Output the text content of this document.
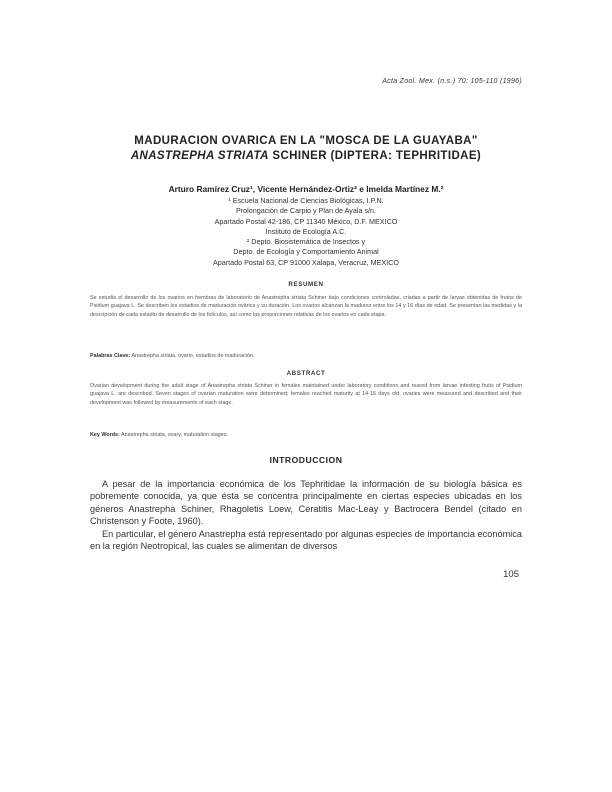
Acta Zool. Mex. (n.s.) 70: 105-110 (1996)
MADURACION OVARICA EN LA "MOSCA DE LA GUAYABA"
ANASTREPHA STRIATA SCHINER (DIPTERA: TEPHRITIDAE)
Arturo Ramírez Cruz¹, Vicente Hernández-Ortiz² e Imelda Martínez M.²
¹ Escuela Nacional de Ciencias Biológicas, I.P.N.
Prolongación de Carpio y Plan de Ayala s/n.
Apartado Postal 42-186, CP 11340 México, D.F. MEXICO
Instituto de Ecología A.C.
² Depto. Biosistemática de Insectos y
Depto. de Ecología y Comportamiento Animal
Apartado Postal 63, CP 91000 Xalapa, Veracruz, MEXICO
RESUMEN

Se estudia el desarrollo de los ovarios en hembras de laboratorio de Anastrepha striata Schiner bajo condiciones controladas, criadas a partir de larvas obtenidas de frutos de Psidium guajava L. Se describen los estadios de maduración ovárica y su duración. Los ovarios alcanzan la madurez entre los 14 y 16 días de edad. Se presentan las medidas y la descripción de cada estadio de desarrollo de los folículos, así como las proporciones relativas de los ovarios en cada etapa.

Palabras Clave: Anastrepha striata, ovario, estadios de maduración.
ABSTRACT

Ovarian development during the adult stage of Anastrepha striata Schiner in females maintained under laboratory conditions and reared from larvae infesting fruits of Psidium guajava L. are described. Seven stages of ovarian maturation were determined; females reached maturity at 14-16 days old, ovaries were measured and described and their development was followed by measurements of each stage.

Key Words: Anastrepha striata, ovary, maturation stages.
INTRODUCCION

A pesar de la importancia económica de los Tephritidae la información de su biología básica es pobremente conocida, ya que ésta se concentra principalmente en ciertas especies ubicadas en los géneros Anastrepha Schiner, Rhagoletis Loew, Ceratitis Mac-Leay y Bactrocera Bendel (citado en Christenson y Foote, 1960).

En particular, el género Anastrepha está representado por algunas especies de importancia económica en la región Neotropical, las cuales se alimentan de diversos

105
